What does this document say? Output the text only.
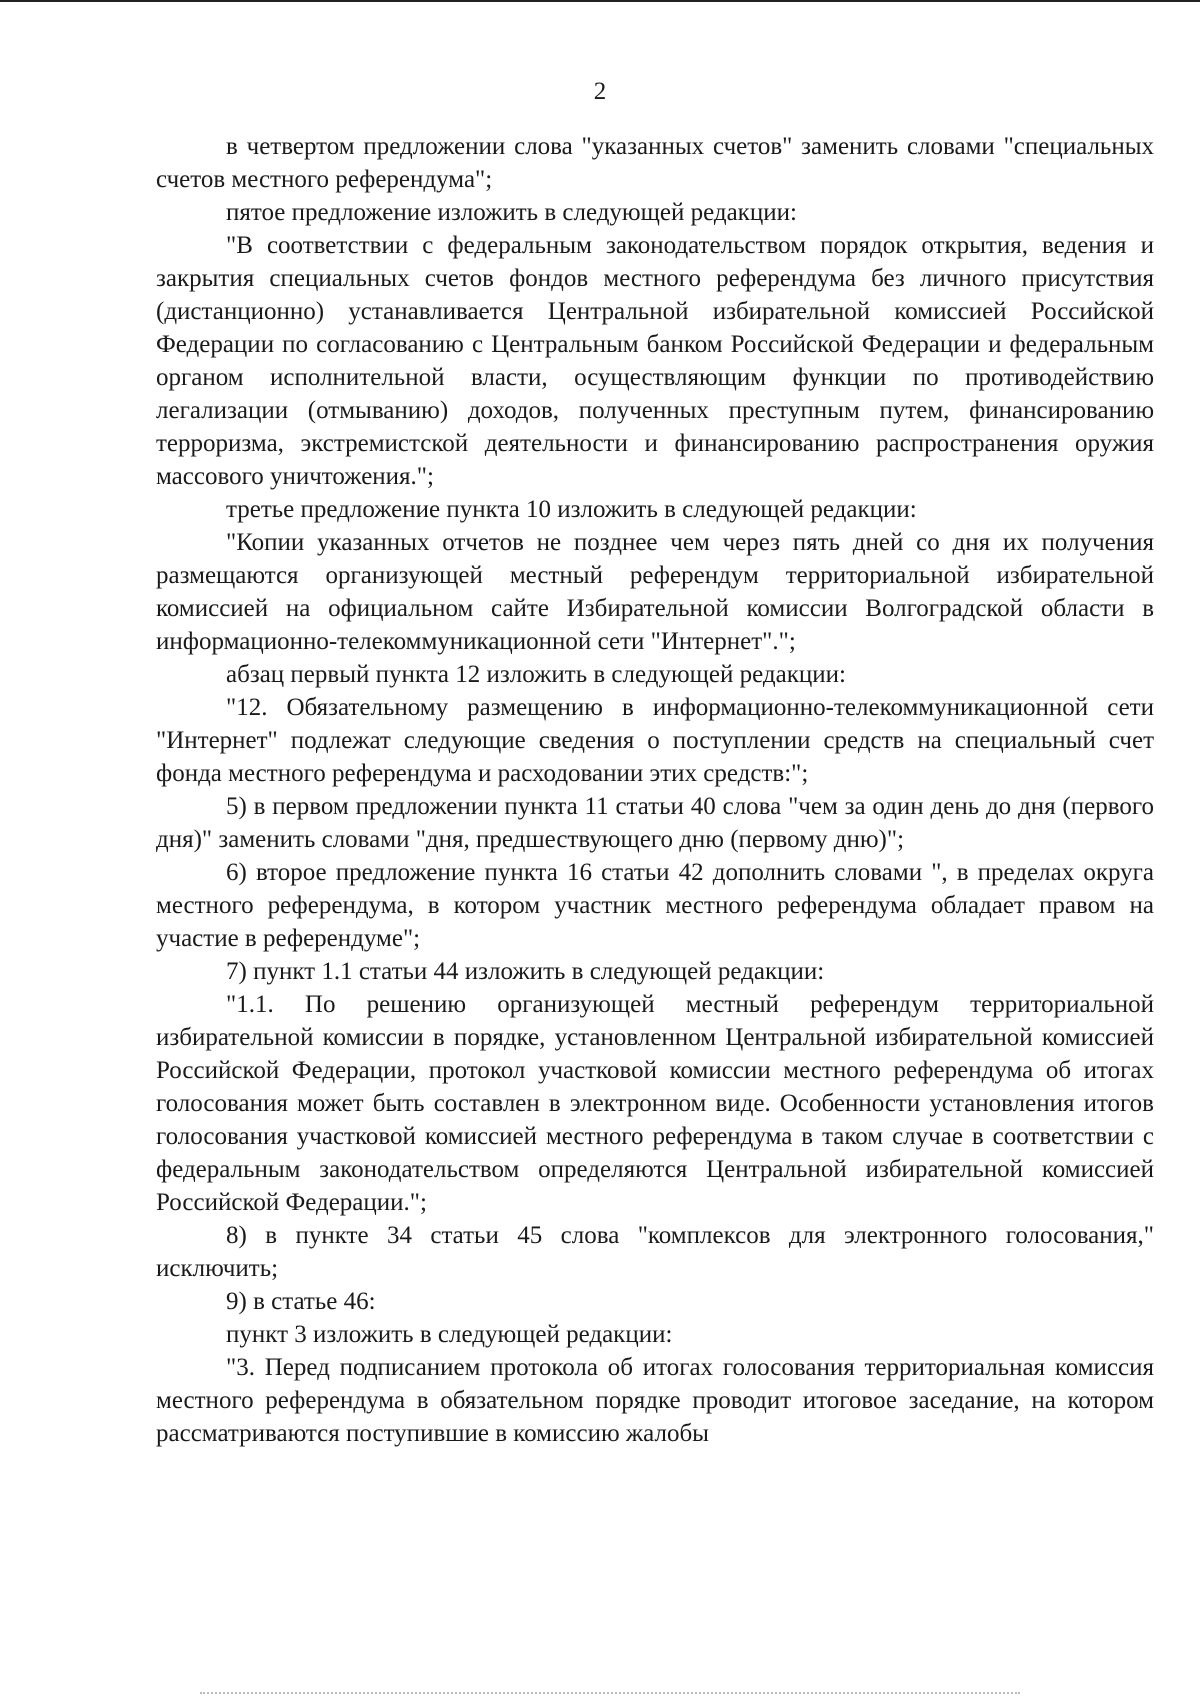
2

в четвертом предложении слова "указанных счетов" заменить словами "специальных счетов местного референдума";

пятое предложение изложить в следующей редакции:

"В соответствии с федеральным законодательством порядок открытия, ведения и закрытия специальных счетов фондов местного референдума без личного присутствия (дистанционно) устанавливается Центральной избирательной комиссией Российской Федерации по согласованию с Центральным банком Российской Федерации и федеральным органом исполнительной власти, осуществляющим функции по противодействию легализации (отмыванию) доходов, полученных преступным путем, финансированию терроризма, экстремистской деятельности и финансированию распространения оружия массового уничтожения.";

третье предложение пункта 10 изложить в следующей редакции:

"Копии указанных отчетов не позднее чем через пять дней со дня их получения размещаются организующей местный референдум территориальной избирательной комиссией на официальном сайте Избирательной комиссии Волгоградской области в информационно-телекоммуникационной сети "Интернет".";

абзац первый пункта 12 изложить в следующей редакции:

"12. Обязательному размещению в информационно-телекоммуникационной сети "Интернет" подлежат следующие сведения о поступлении средств на специальный счет фонда местного референдума и расходовании этих средств:";

5) в первом предложении пункта 11 статьи 40 слова "чем за один день до дня (первого дня)" заменить словами "дня, предшествующего дню (первому дню)";

6) второе предложение пункта 16 статьи 42 дополнить словами ", в пределах округа местного референдума, в котором участник местного референдума обладает правом на участие в референдуме";

7) пункт 1.1 статьи 44 изложить в следующей редакции:

"1.1. По решению организующей местный референдум территориальной избирательной комиссии в порядке, установленном Центральной избирательной комиссией Российской Федерации, протокол участковой комиссии местного референдума об итогах голосования может быть составлен в электронном виде. Особенности установления итогов голосования участковой комиссией местного референдума в таком случае в соответствии с федеральным законодательством определяются Центральной избирательной комиссией Российской Федерации.";

8) в пункте 34 статьи 45 слова "комплексов для электронного голосования," исключить;

9) в статье 46:

пункт 3 изложить в следующей редакции:

"3. Перед подписанием протокола об итогах голосования территориальная комиссия местного референдума в обязательном порядке проводит итоговое заседание, на котором рассматриваются поступившие в комиссию жалобы
